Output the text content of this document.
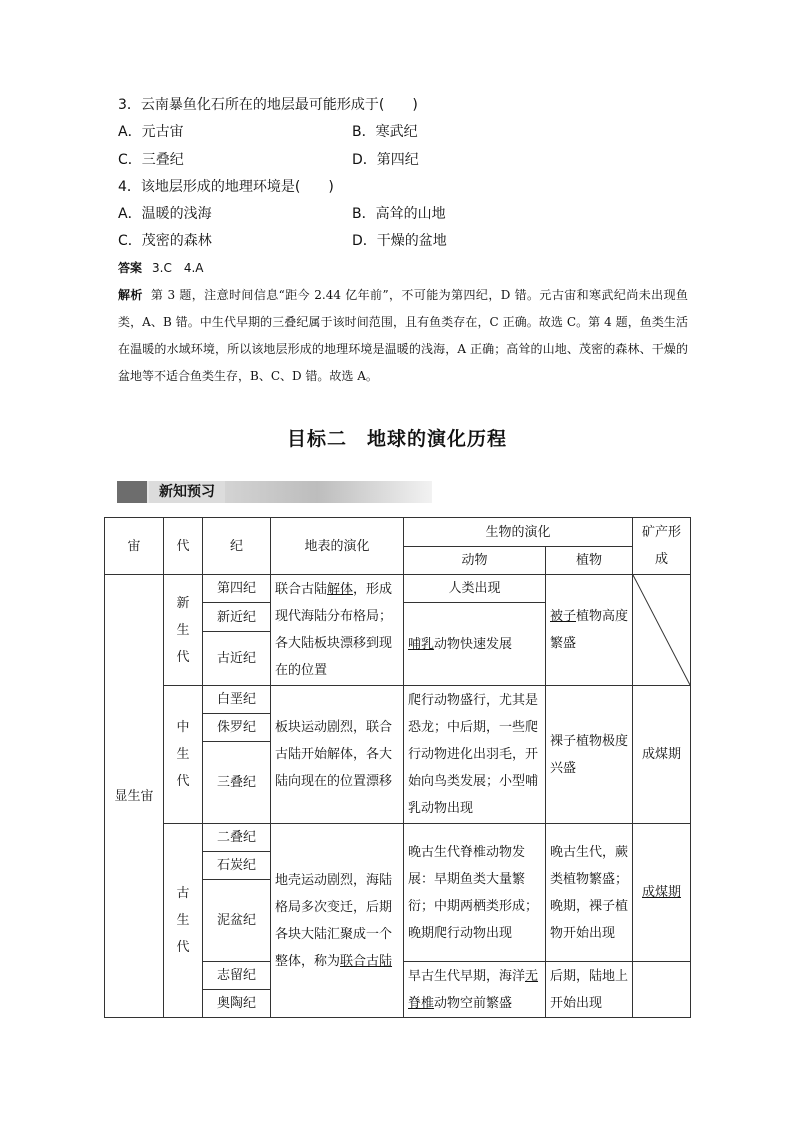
3．云南暴鱼化石所在的地层最可能形成于(　　)
A．元古宙	B．寒武纪
C．三叠纪	D．第四纪
4．该地层形成的地理环境是(　　)
A．温暖的浅海	B．高耸的山地
C．茂密的森林	D．干燥的盆地
答案 3.C　4.A
解析 第 3 题，注意时间信息“距今 2.44 亿年前”，不可能为第四纪，D 错。元古宙和寒武纪尚未出现鱼类，A、B 错。中生代早期的三叠纪属于该时间范围，且有鱼类存在，C 正确。故选 C。第 4 题，鱼类生活在温暖的水域环境，所以该地层形成的地理环境是温暖的浅海，A 正确；高耸的山地、茂密的森林、干燥的盆地等不适合鱼类生存，B、C、D 错。故选 A。
目标二　地球的演化历程
新知预习
宙	代	纪	地表的演化	生物的演化		矿产形成	
				动物	植物		
显生宙	新生代	第四纪	联合古陆解体，形成现代海陆分布格局；各大陆板块漂移到现在的位置	人类出现	被子植物高度繁盛	

		新近纪		哺乳动物快速发展			
		古近纪					

	中生代	白垩纪	板块运动剧烈，联合古陆开始解体，各大陆向现在的位置漂移	爬行动物盛行，尤其是恐龙；中后期，一些爬行动物进化出羽毛，开始向鸟类发展；小型哺乳动物出现	裸子植物极度兴盛	成煤期	
		侏罗纪					
		三叠纪					

	古生代	二叠纪	地壳运动剧烈，海陆格局多次变迁，后期各块大陆汇聚成一个整体，称为联合古陆	晚古生代脊椎动物发展：早期鱼类大量繁衍；中期两栖类形成；晚期爬行动物出现	晚古生代，蕨类植物繁盛；晚期，裸子植物开始出现	成煤期	
		石炭纪					
		泥盆纪					
		志留纪		早古生代早期，海洋无脊椎动物空前繁盛	后期，陆地上开始出现		
		奥陶纪					
